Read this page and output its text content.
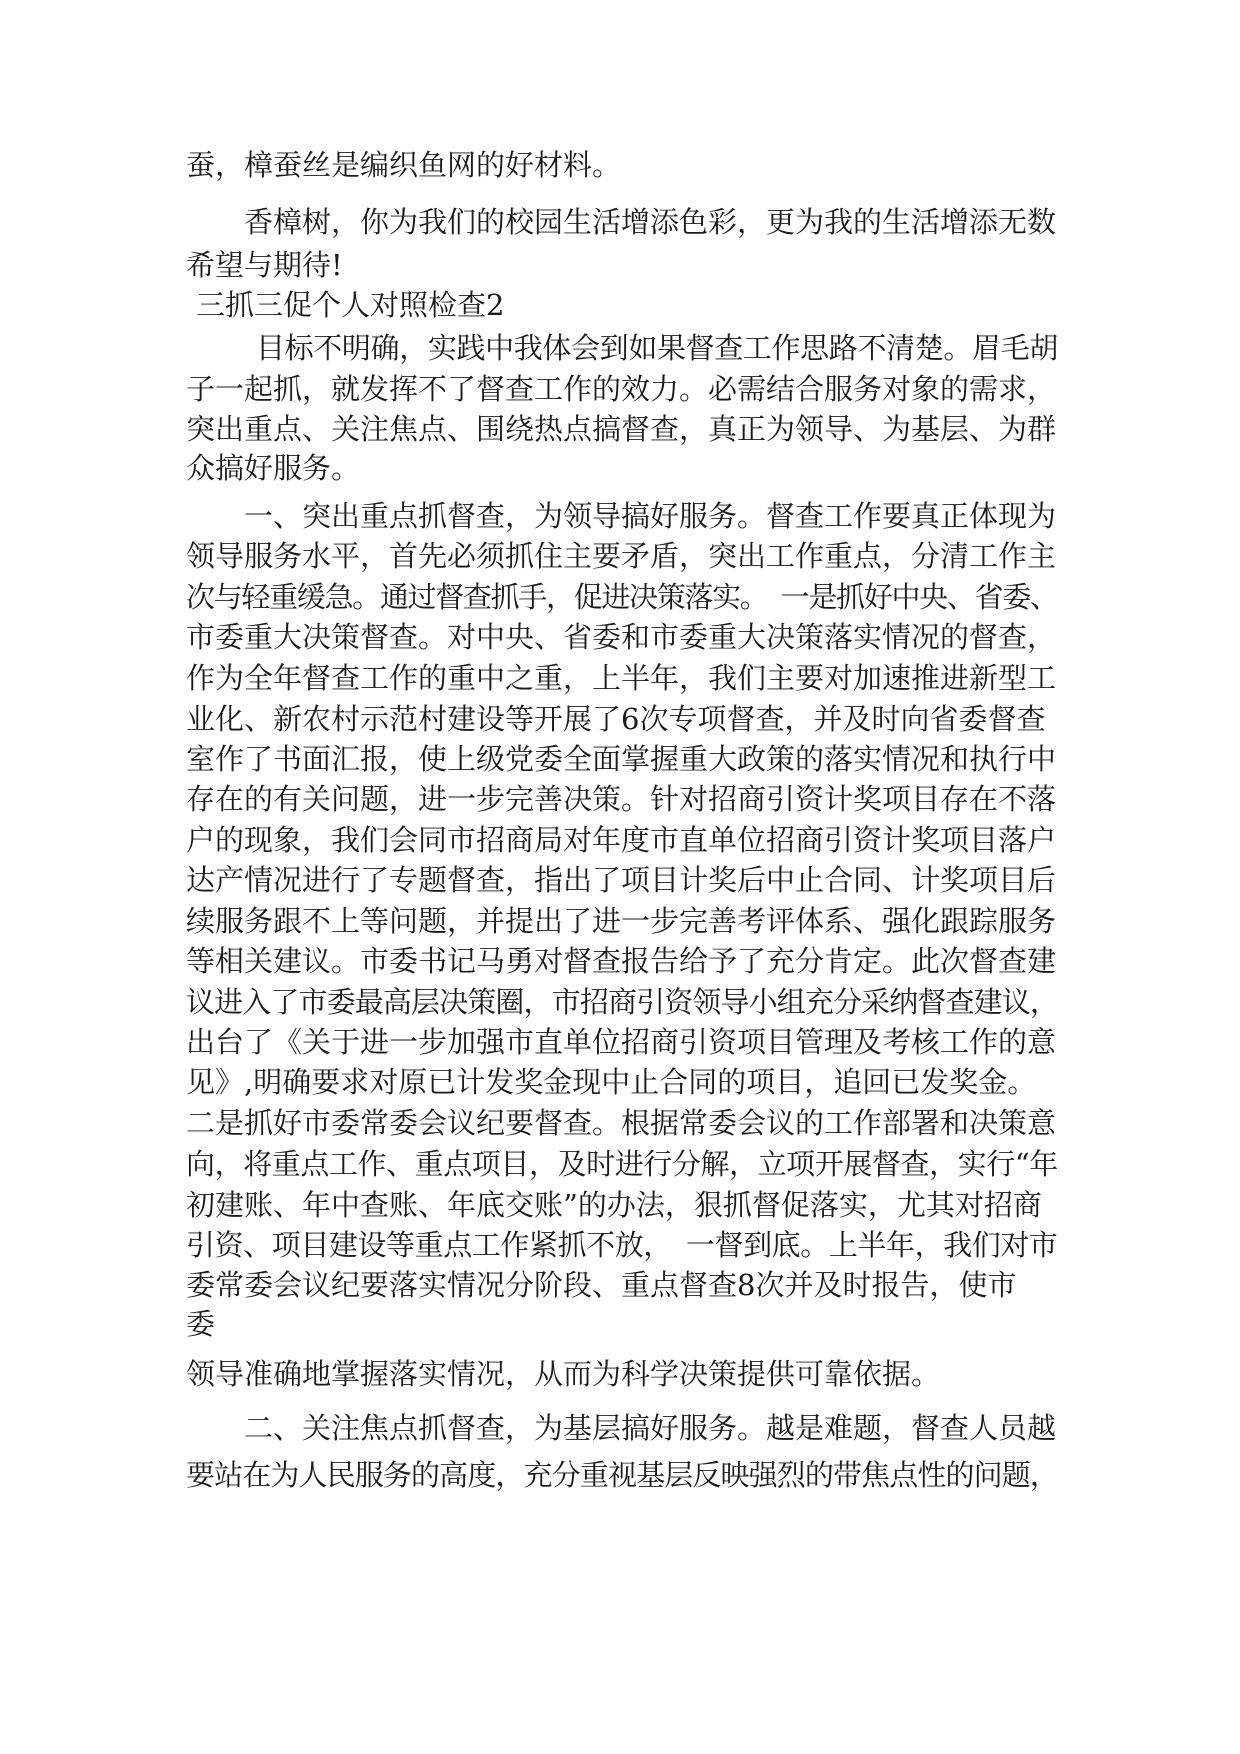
蚕，樟蚕丝是编织鱼网的好材料。
香樟树，你为我们的校园生活增添色彩，更为我的生活增添无数
希望与期待!
三抓三促个人对照检查2
目标不明确，实践中我体会到如果督查工作思路不清楚。眉毛胡
子一起抓，就发挥不了督查工作的效力。必需结合服务对象的需求，
突出重点、关注焦点、围绕热点搞督查，真正为领导、为基层、为群
众搞好服务。
一、突出重点抓督查，为领导搞好服务。督查工作要真正体现为
领导服务水平，首先必须抓住主要矛盾，突出工作重点，分清工作主
次与轻重缓急。通过督查抓手，促进决策落实。　一是抓好中央、省委、
市委重大决策督查。对中央、省委和市委重大决策落实情况的督查，
作为全年督查工作的重中之重，上半年，我们主要对加速推进新型工
业化、新农村示范村建设等开展了6次专项督查，并及时向省委督查
室作了书面汇报，使上级党委全面掌握重大政策的落实情况和执行中
存在的有关问题，进一步完善决策。针对招商引资计奖项目存在不落
户的现象，我们会同市招商局对年度市直单位招商引资计奖项目落户
达产情况进行了专题督查，指出了项目计奖后中止合同、计奖项目后
续服务跟不上等问题，并提出了进一步完善考评体系、强化跟踪服务
等相关建议。市委书记马勇对督查报告给予了充分肯定。此次督查建
议进入了市委最高层决策圈，市招商引资领导小组充分采纳督查建议，
出台了《关于进一步加强市直单位招商引资项目管理及考核工作的意
见》,明确要求对原已计发奖金现中止合同的项目，追回已发奖金。
二是抓好市委常委会议纪要督查。根据常委会议的工作部署和决策意
向，将重点工作、重点项目，及时进行分解，立项开展督查，实行“年
初建账、年中查账、年底交账”的办法，狠抓督促落实，尤其对招商
引资、项目建设等重点工作紧抓不放，　一督到底。上半年，我们对市
委常委会议纪要落实情况分阶段、重点督查8次并及时报告，使市
委
领导准确地掌握落实情况，从而为科学决策提供可靠依据。
二、关注焦点抓督查，为基层搞好服务。越是难题，督查人员越
要站在为人民服务的高度，充分重视基层反映强烈的带焦点性的问题，
